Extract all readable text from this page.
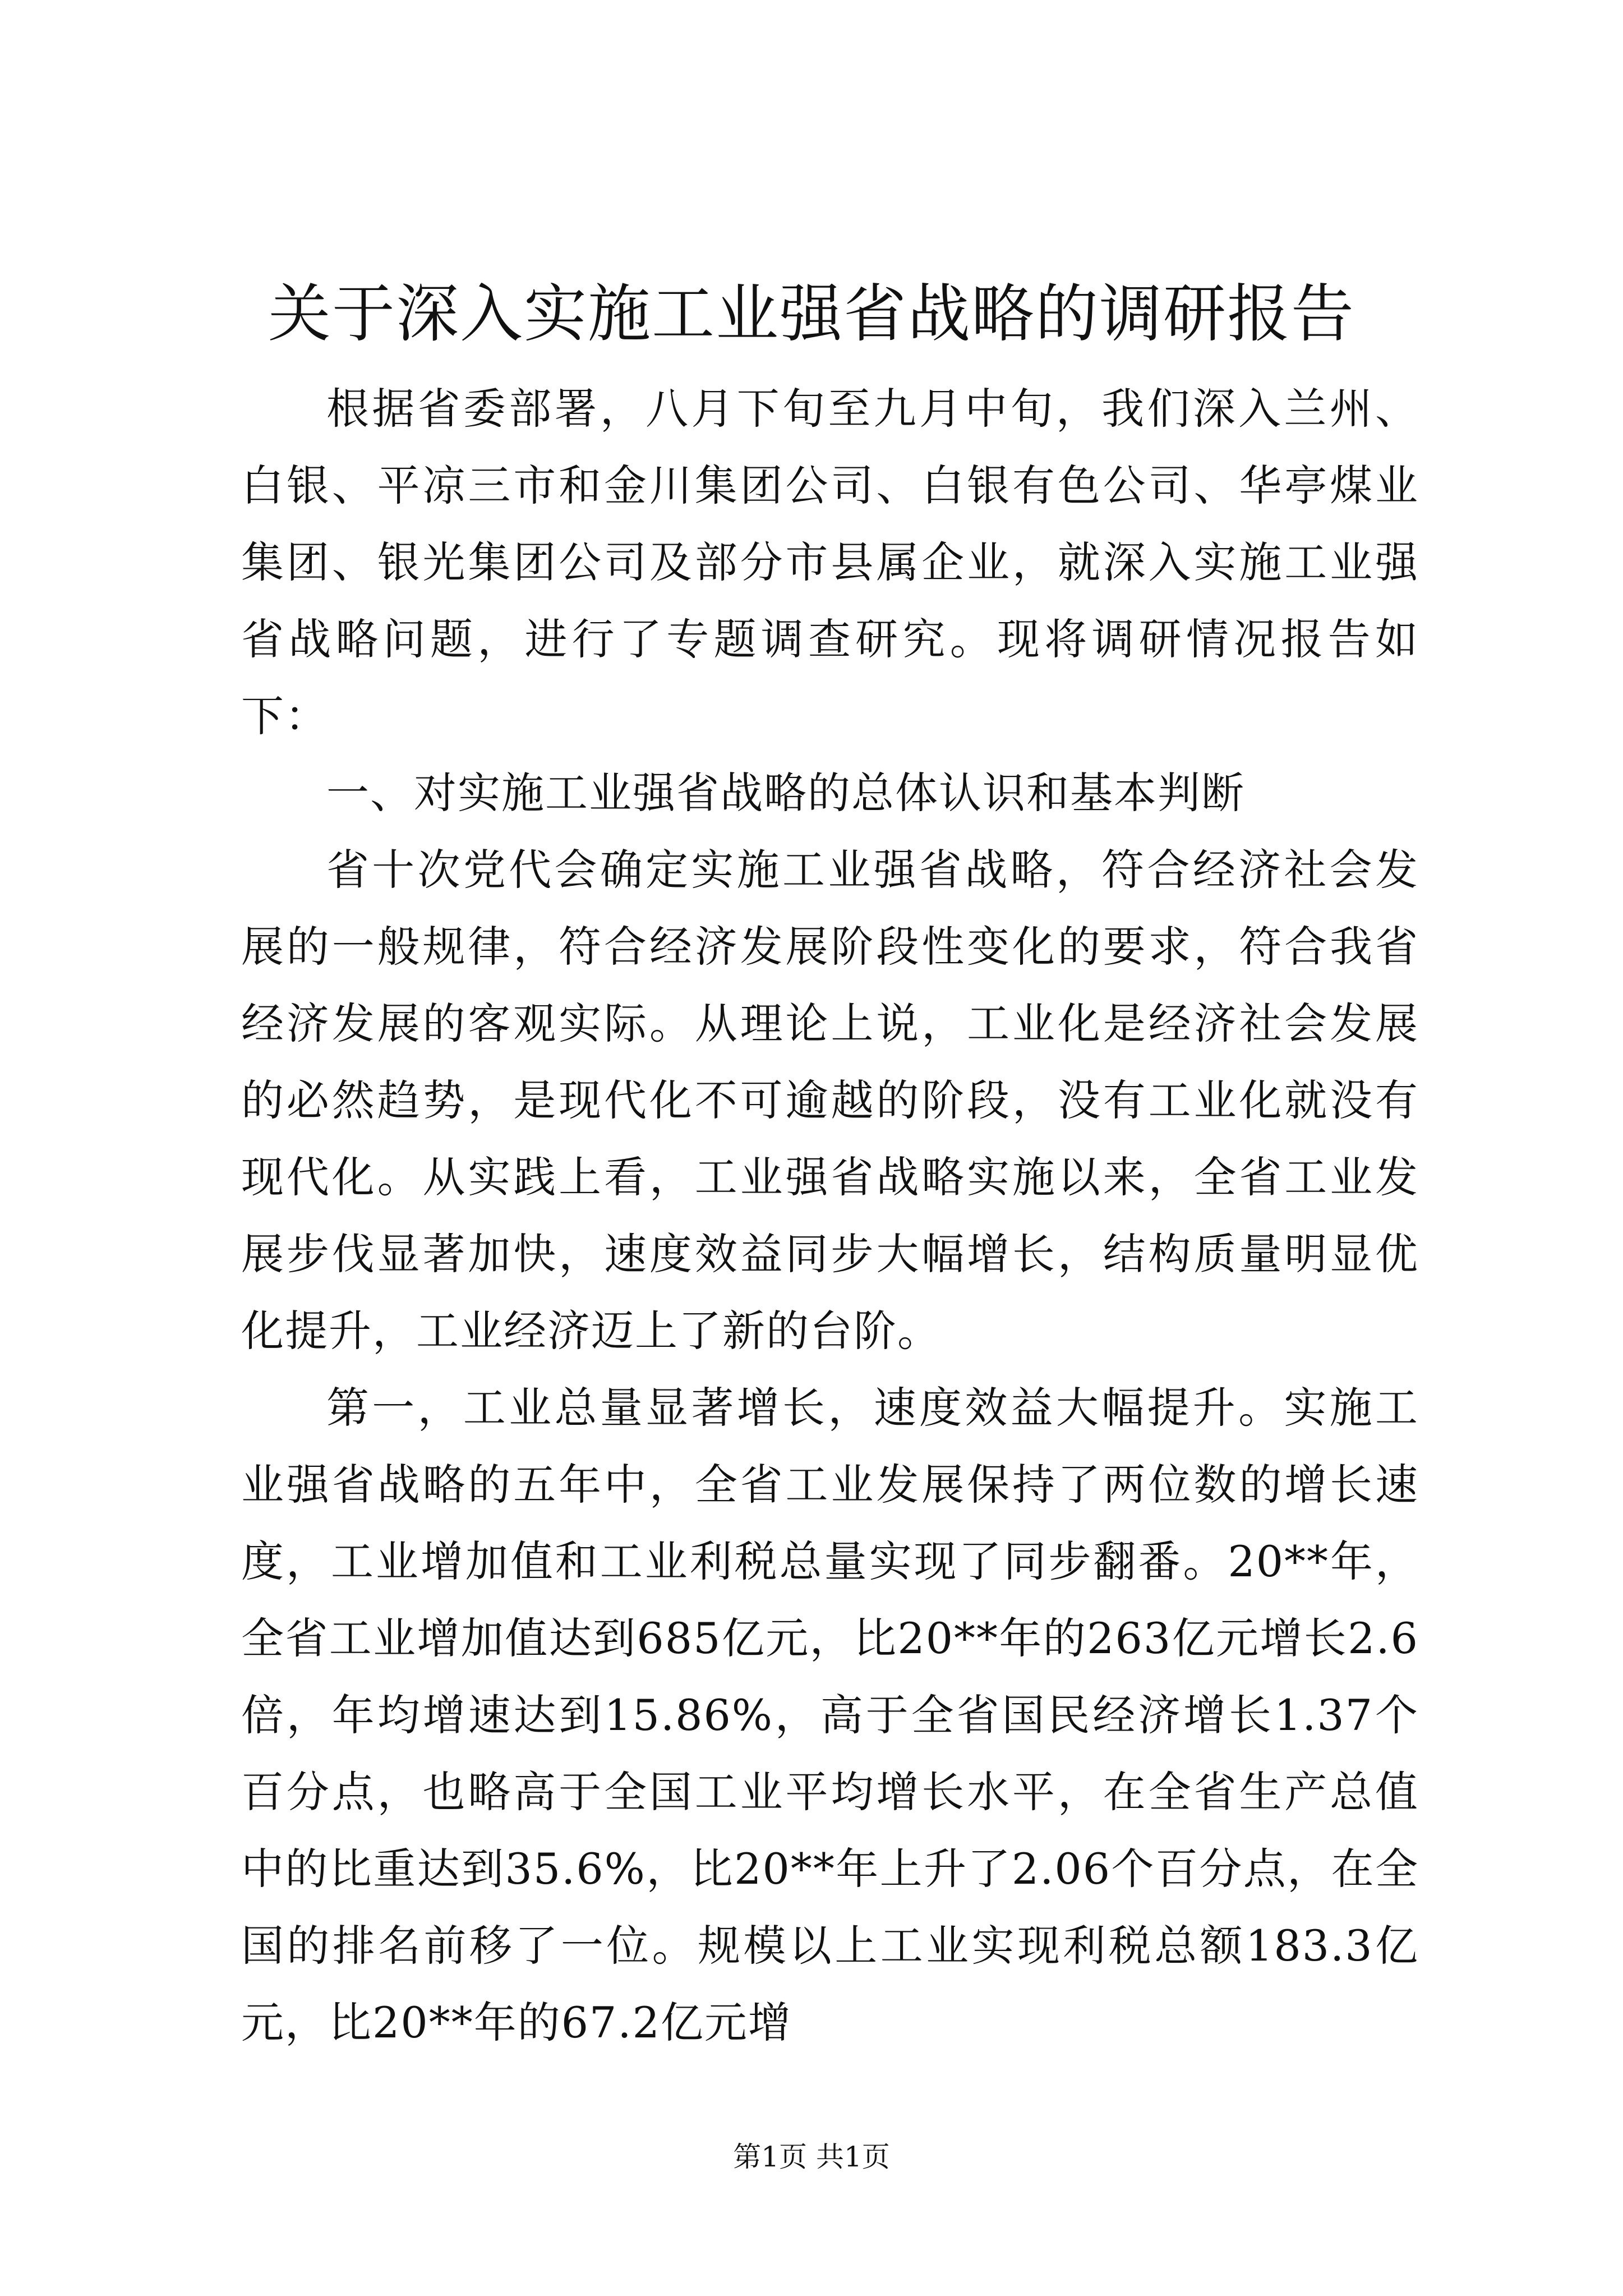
关于深入实施工业强省战略的调研报告

根据省委部署，八月下旬至九月中旬，我们深入兰州、白银、平凉三市和金川集团公司、白银有色公司、华亭煤业集团、银光集团公司及部分市县属企业，就深入实施工业强省战略问题，进行了专题调查研究。现将调研情况报告如下：

一、对实施工业强省战略的总体认识和基本判断

省十次党代会确定实施工业强省战略，符合经济社会发展的一般规律，符合经济发展阶段性变化的要求，符合我省经济发展的客观实际。从理论上说，工业化是经济社会发展的必然趋势，是现代化不可逾越的阶段，没有工业化就没有现代化。从实践上看，工业强省战略实施以来，全省工业发展步伐显著加快，速度效益同步大幅增长，结构质量明显优化提升，工业经济迈上了新的台阶。

第一，工业总量显著增长，速度效益大幅提升。实施工业强省战略的五年中，全省工业发展保持了两位数的增长速度，工业增加值和工业利税总量实现了同步翻番。20**年，全省工业增加值达到685亿元，比20**年的263亿元增长2.6倍，年均增速达到15.86%，高于全省国民经济增长1.37个百分点，也略高于全国工业平均增长水平，在全省生产总值中的比重达到35.6%，比20**年上升了2.06个百分点，在全国的排名前移了一位。规模以上工业实现利税总额183.3亿元，比20**年的67.2亿元增

第1页 共1页
